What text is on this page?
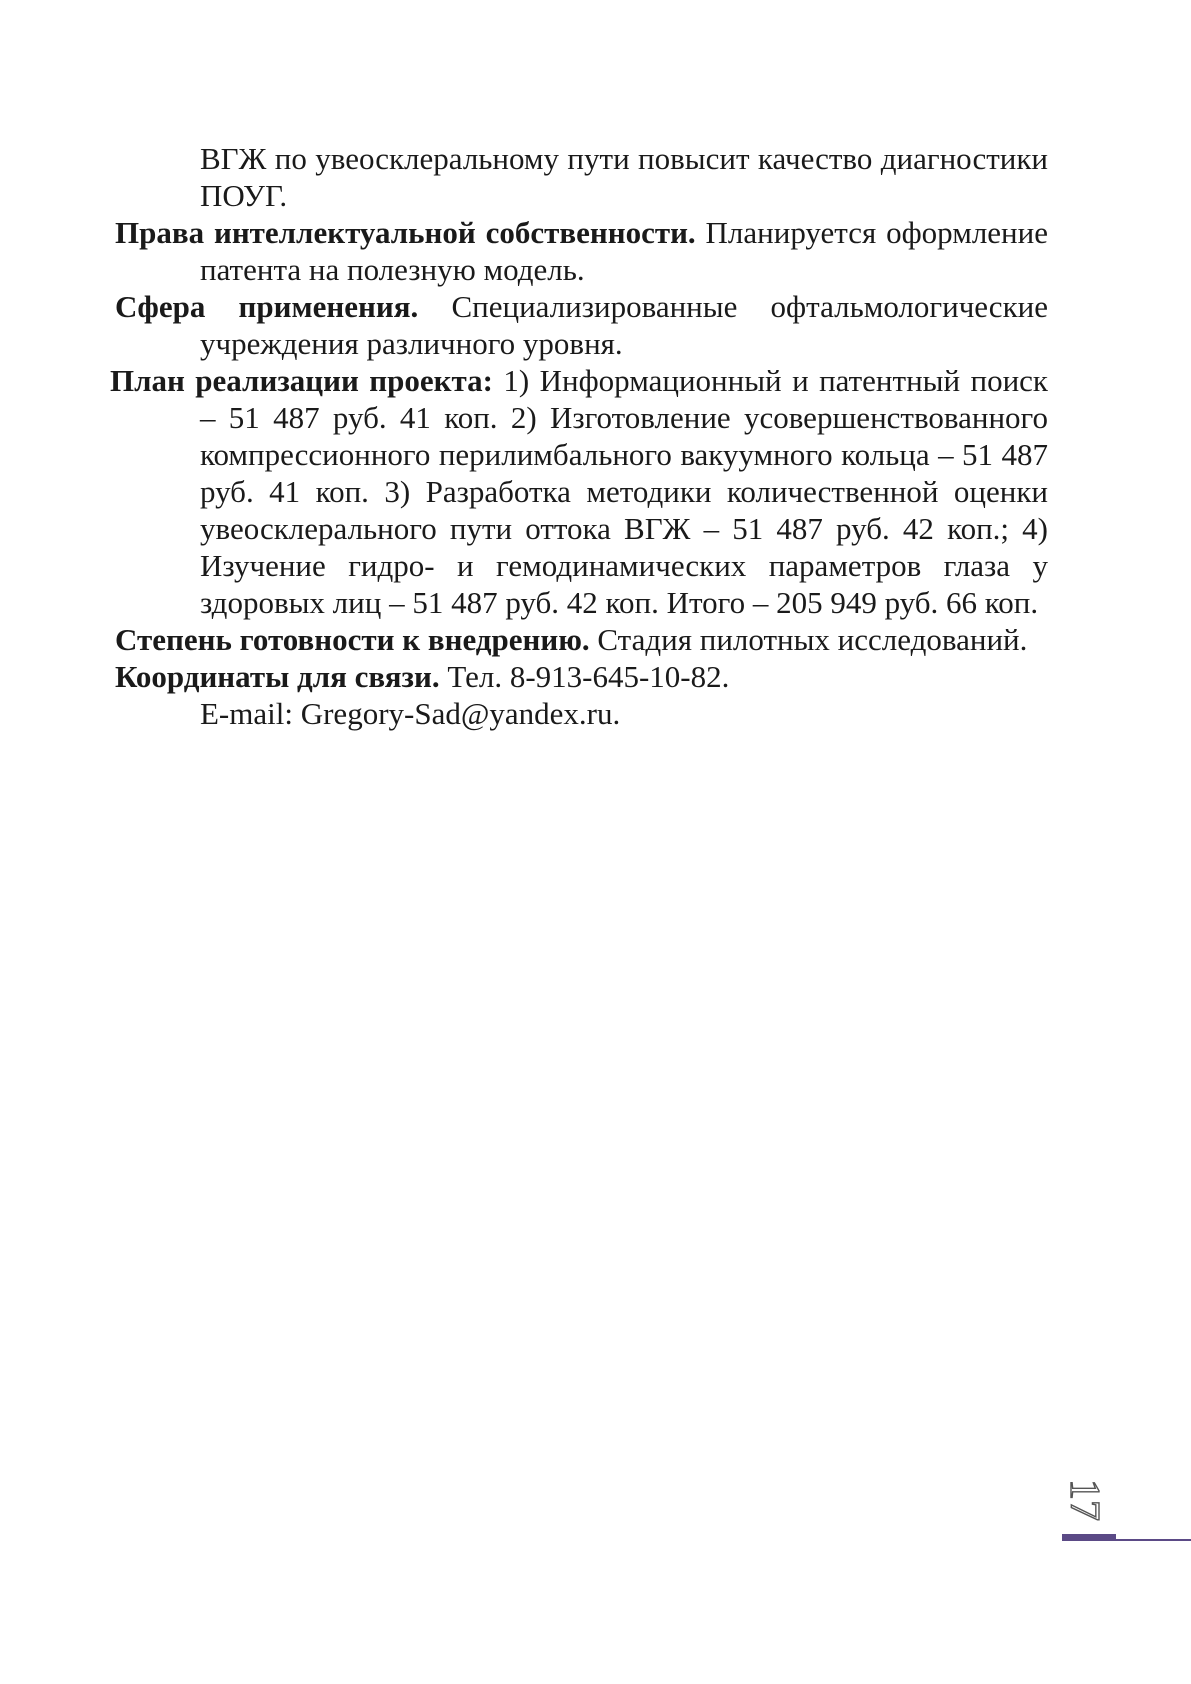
ВГЖ по увеосклеральному пути повысит качество диагностики ПОУГ.

Права интеллектуальной собственности. Планируется оформление патента на полезную модель.

Сфера применения. Специализированные офтальмологические учреждения различного уровня.

План реализации проекта: 1) Информационный и патентный поиск – 51 487 руб. 41 коп. 2) Изготовление усовершенствованного компрессионного перилимбального вакуумного кольца – 51 487 руб. 41 коп. 3) Разработка методики количественной оценки увеосклерального пути оттока ВГЖ – 51 487 руб. 42 коп.; 4) Изучение гидро- и гемодинамических параметров глаза у здоровых лиц – 51 487 руб. 42 коп. Итого – 205 949 руб. 66 коп.

Степень готовности к внедрению. Стадия пилотных исследований.

Координаты для связи. Тел. 8-913-645-10-82.

E-mail: Gregory-Sad@yandex.ru.

17
